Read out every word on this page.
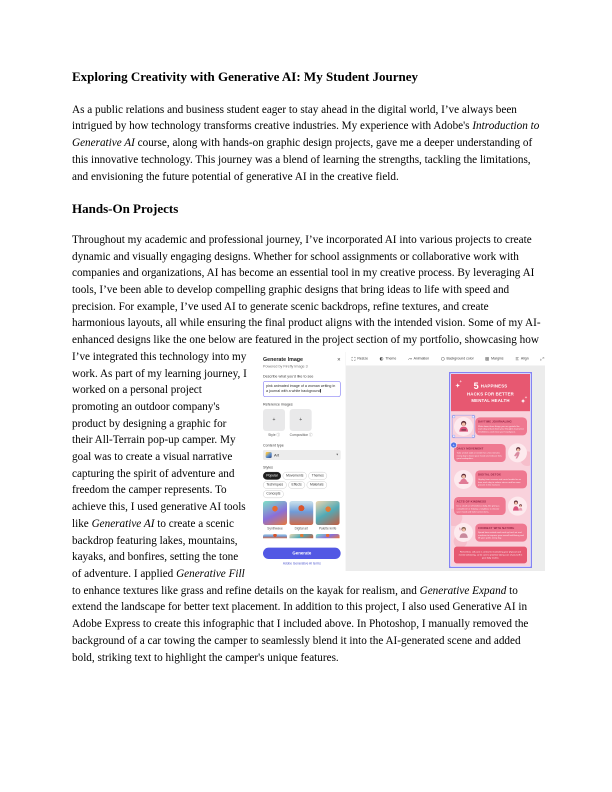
Exploring Creativity with Generative AI: My Student Journey
As a public relations and business student eager to stay ahead in the digital world, I’ve always been intrigued by how technology transforms creative industries. My experience with Adobe's Introduction to Generative AI course, along with hands-on graphic design projects, gave me a deeper understanding of this innovative technology. This journey was a blend of learning the strengths, tackling the limitations, and envisioning the future potential of generative AI in the creative field.
Hands-On Projects
Throughout my academic and professional journey, I’ve incorporated AI into various projects to create dynamic and visually engaging designs. Whether for school assignments or collaborative work with companies and organizations, AI has become an essential tool in my creative process. By leveraging AI tools, I’ve been able to develop compelling graphic designs that bring ideas to life with speed and precision. For example, I’ve used AI to generate scenic backdrops, refine textures, and create harmonious layouts, all while ensuring the final product aligns with the intended vision. Some of my AI-enhanced designs like the one below are featured in the project
Generate Image	✕
Powered by Firefly Image 3
Describe what you'd like to see
pink animated image of a woman writing in a journal with a white background
Reference images
+ +
Style ⓘ Composition ⓘ
Content type
Art	▾
Styles
Popular Movements Themes
Techniques Effects Materials
Concepts
Synthwave	Digital art	Palette knife
Generate
Adobe Generative AI terms
Resize Theme Animation Background color Margins Align
✦
✧
✦
✧
5 HAPPINESS
HACKS FOR BETTER
MENTAL HEALTH
DAYTIME JOURNALING
Write down three things you are grateful for each day and jot down your thoughts to practice mindfulness and clear your headspace.
+
DAILY MOVEMENT
Take a brisk walk or stretch for a few minutes every day to boost your mood and release feel-good endorphins.
DIGITAL DETOX
Unplug from screens and social media for an hour each day to reduce stress and be more present in the moment.
ACTS OF KINDNESS
Do a small act of kindness daily, like giving a compliment or helping a neighbor, to elevate your mood and build connections.
CONNECT WITH NATURE
Spend time outside and soak up fresh air and sunshine to improve your overall well-being and lift your spirits every day.
Remember, self-care is central to maintaining your physical and mental well-being, so be sure to prioritize taking care of yourself in your daily routine.
section of my portfolio, showcasing how I’ve integrated this technology into my work. As part of my learning journey, I worked on a personal project promoting an outdoor company's product by designing a graphic for their All-Terrain pop-up camper. My goal was to create a visual narrative capturing the spirit of adventure and freedom the camper represents. To achieve this, I used generative AI tools like Generative AI to create a scenic backdrop featuring lakes, mountains, kayaks, and bonfires, setting the tone of adventure. I applied Generative Fill to enhance textures like grass and refine details on the kayak for realism, and Generative Expand to extend the landscape for better text placement. In addition to this project, I also used Generative AI in Adobe Express to create this infographic that I included above. In Photoshop, I manually removed the background of a car towing the camper to seamlessly blend it into the AI-generated scene and added bold, striking text to highlight the camper's unique features.
